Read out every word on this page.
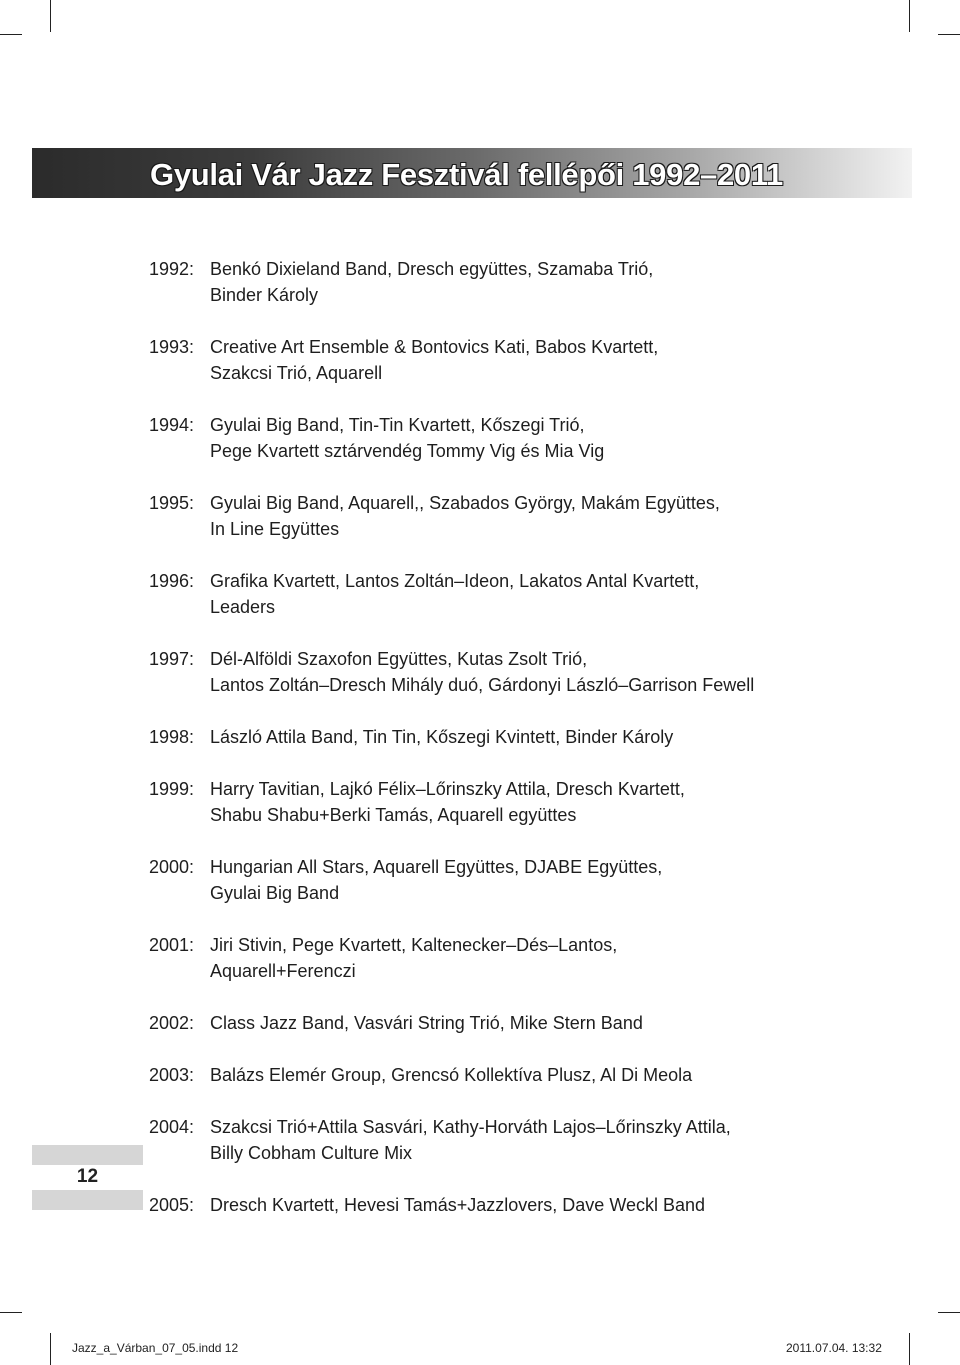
Gyulai Vár Jazz Fesztivál fellépői 1992–2011
1992: Benkó Dixieland Band, Dresch együttes, Szamaba Trió,
Binder Károly
1993: Creative Art Ensemble & Bontovics Kati, Babos Kvartett,
Szakcsi Trió, Aquarell
1994: Gyulai Big Band, Tin-Tin Kvartett, Kőszegi Trió,
Pege Kvartett sztárvendég Tommy Vig és Mia Vig
1995: Gyulai Big Band, Aquarell,, Szabados György, Makám Együttes,
In Line Együttes
1996: Grafika Kvartett, Lantos Zoltán–Ideon, Lakatos Antal Kvartett,
Leaders
1997: Dél-Alföldi Szaxofon Együttes, Kutas Zsolt Trió,
Lantos Zoltán–Dresch Mihály duó, Gárdonyi László–Garrison Fewell
1998: László Attila Band, Tin Tin, Kőszegi Kvintett, Binder Károly
1999: Harry Tavitian, Lajkó Félix–Lőrinszky Attila, Dresch Kvartett,
Shabu Shabu+Berki Tamás, Aquarell együttes
2000: Hungarian All Stars, Aquarell Együttes, DJABE Együttes,
Gyulai Big Band
2001: Jiri Stivin, Pege Kvartett, Kaltenecker–Dés–Lantos,
Aquarell+Ferenczi
2002: Class Jazz Band, Vasvári String Trió, Mike Stern Band
2003: Balázs Elemér Group, Grencsó Kollektíva Plusz, Al Di Meola
2004: Szakcsi Trió+Attila Sasvári, Kathy-Horváth Lajos–Lőrinszky Attila,
Billy Cobham Culture Mix
2005: Dresch Kvartett, Hevesi Tamás+Jazzlovers, Dave Weckl Band
12
Jazz_a_Várban_07_05.indd 12	2011.07.04. 13:32
